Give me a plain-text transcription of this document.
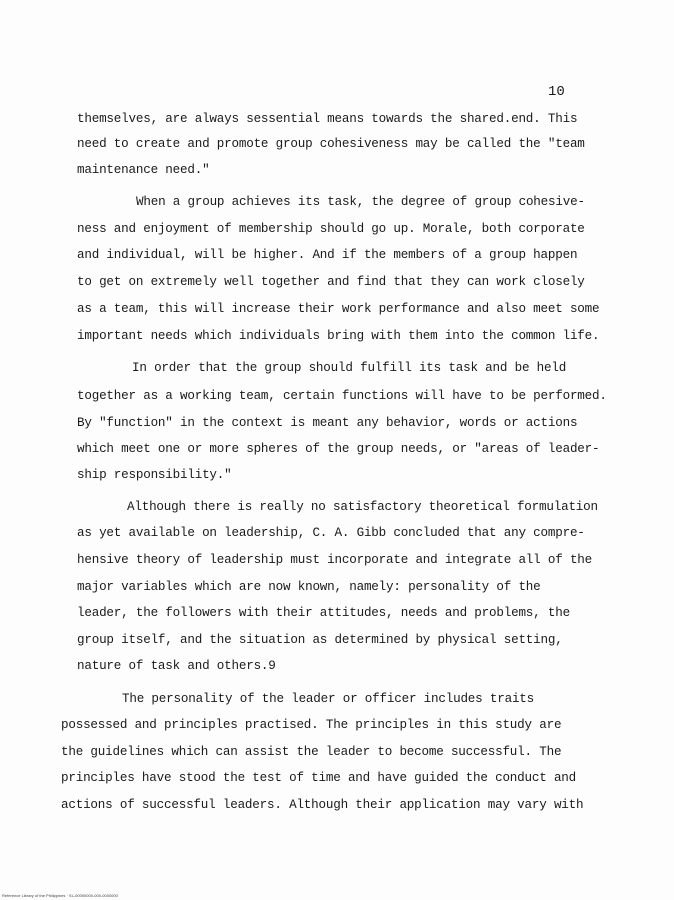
10
themselves, are always sessential means towards the shared.end. This
need to create and promote group cohesiveness may be called the "team
maintenance need."
When a group achieves its task, the degree of group cohesive-
ness and enjoyment of membership should go up. Morale, both corporate
and individual, will be higher. And if the members of a group happen
to get on extremely well together and find that they can work closely
as a team, this will increase their work performance and also meet some
important needs which individuals bring with them into the common life.
In order that the group should fulfill its task and be held
together as a working team, certain functions will have to be performed.
By "function" in the context is meant any behavior, words or actions
which meet one or more spheres of the group needs, or "areas of leader-
ship responsibility."
Although there is really no satisfactory theoretical formulation
as yet available on leadership, C. A. Gibb concluded that any compre-
hensive theory of leadership must incorporate and integrate all of the
major variables which are now known, namely: personality of the
leader, the followers with their attitudes, needs and problems, the
group itself, and the situation as determined by physical setting,
nature of task and others.9
The personality of the leader or officer includes traits
possessed and principles practised. The principles in this study are
the guidelines which can assist the leader to become successful. The
principles have stood the test of time and have guided the conduct and
actions of successful leaders. Although their application may vary with
Reference Library of the Philippines · SL-00000000-000-0000000
